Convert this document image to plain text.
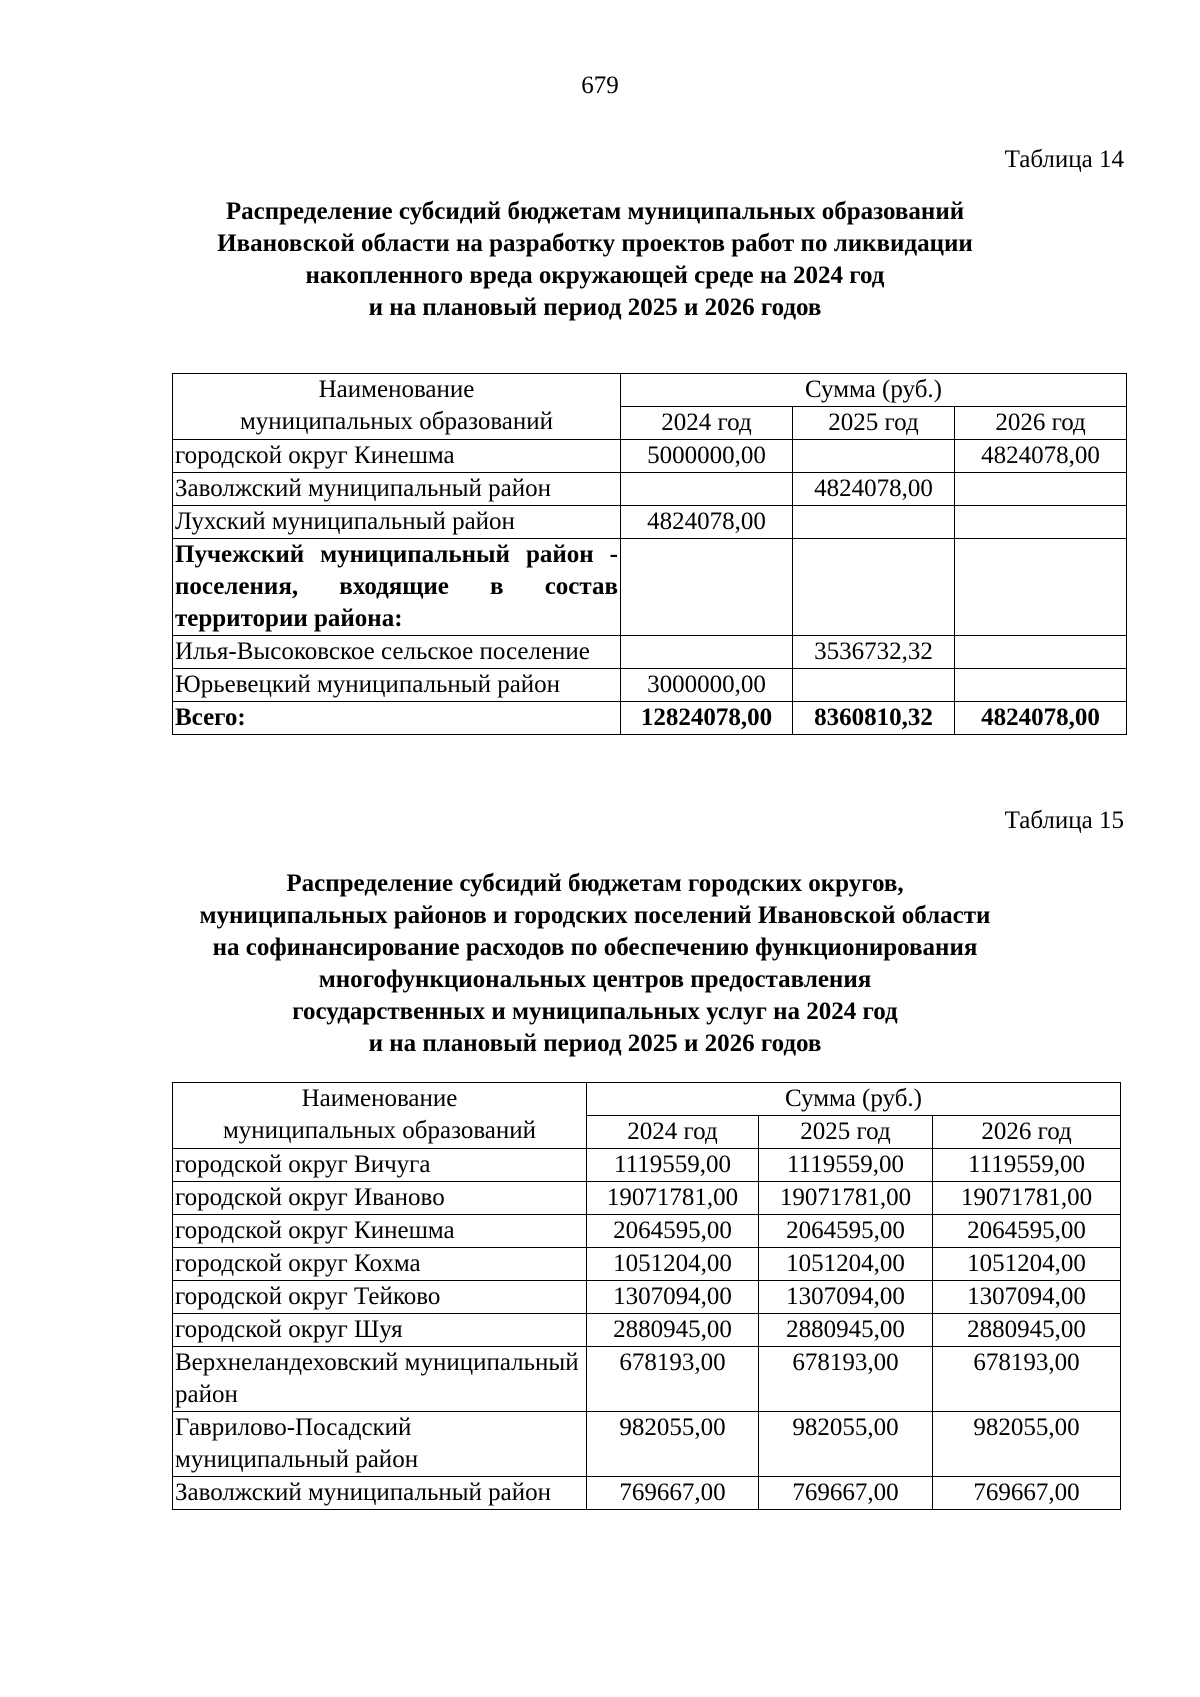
679
Таблица 14
Распределение субсидий бюджетам муниципальных образований
Ивановской области на разработку проектов работ по ликвидации
накопленного вреда окружающей среде на 2024 год
и на плановый период 2025 и 2026 годов
Наименование
муниципальных образований	Сумма (руб.)		
	2024 год	2025 год	2026 год
городской округ Кинешма	5000000,00		4824078,00
Заволжский муниципальный район		4824078,00	
Лухский муниципальный район	4824078,00		
Пучежский муниципальный район - поселения, входящие в состав территории района:			
Илья-Высоковское сельское поселение		3536732,32	
Юрьевецкий муниципальный район	3000000,00		
Всего:	12824078,00	8360810,32	4824078,00
Таблица 15
Распределение субсидий бюджетам городских округов,
муниципальных районов и городских поселений Ивановской области
на софинансирование расходов по обеспечению функционирования
многофункциональных центров предоставления
государственных и муниципальных услуг на 2024 год
и на плановый период 2025 и 2026 годов
Наименование
муниципальных образований	Сумма (руб.)		
	2024 год	2025 год	2026 год
городской округ Вичуга	1119559,00	1119559,00	1119559,00
городской округ Иваново	19071781,00	19071781,00	19071781,00
городской округ Кинешма	2064595,00	2064595,00	2064595,00
городской округ Кохма	1051204,00	1051204,00	1051204,00
городской округ Тейково	1307094,00	1307094,00	1307094,00
городской округ Шуя	2880945,00	2880945,00	2880945,00
Верхнеландеховский муниципальный район	678193,00	678193,00	678193,00
Гаврилово-Посадский муниципальный район	982055,00	982055,00	982055,00
Заволжский муниципальный район	769667,00	769667,00	769667,00
